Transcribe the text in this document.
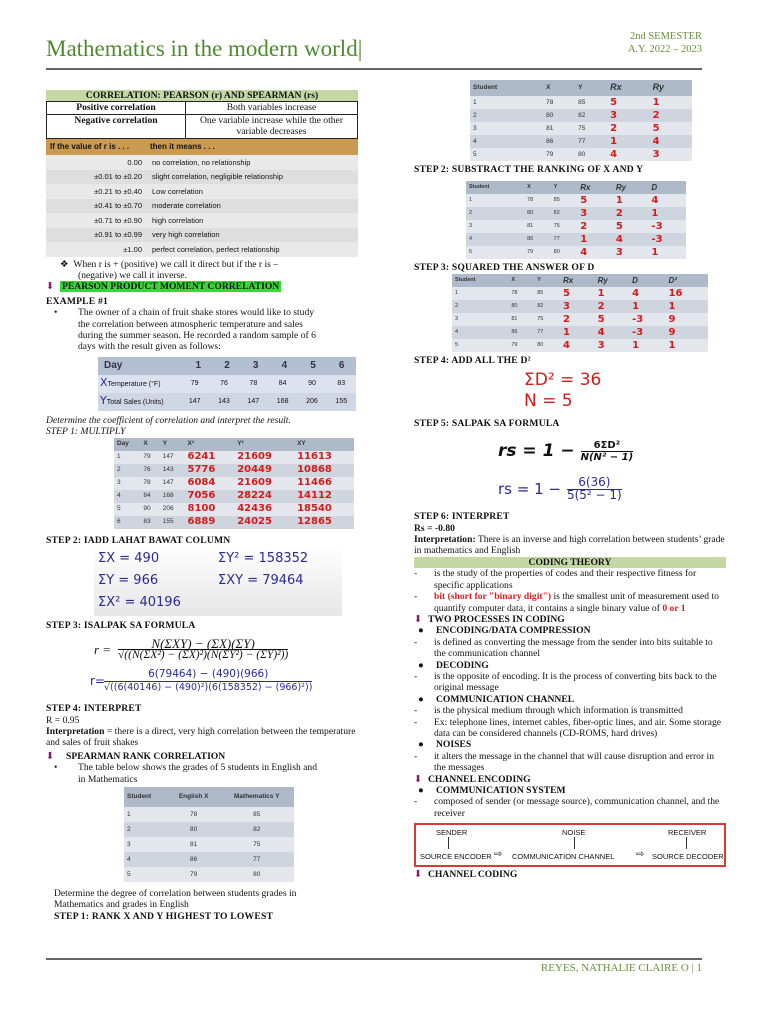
Mathematics in the modern world|	2nd SEMESTER
A.Y. 2022 – 2023
CORRELATION: PEARSON (r) AND SPEARMAN (rs)
Positive correlation	Both variables increase
Negative correlation	One variable increase while the other variable decreases
If the value of r is . . .	then it means . . .
0.00	no correlation, no relationship
±0.01 to ±0.20	slight correlation, negligible relationship
±0.21 to ±0.40	Low correlation
±0.41 to ±0.70	moderate correlation
±0.71 to ±0.90	high correlation
±0.91 to ±0.99	very high correlation
±1.00	perfect correlation, perfect relationship
❖  When r is + (positive) we call it direct but if the r is –
(negative) we call it inverse.
⬇ PEARSON PRODUCT MOMENT CORRELATION
EXAMPLE #1
•	The owner of a chain of fruit shake stores would like to study
the correlation between atmospheric temperature and sales
during the summer season. He recorded a random sample of 6
days with the result given as follows:
Day	1	2	3	4	5	6
XTemperature (°F)	79	76	78	84	90	83
YTotal Sales (Units)	147	143	147	168	206	155
Determine the coefficient of correlation and interpret the result.
STEP 1: MULTIPLY
Day	X	Y	X²	Y²	XY
1	79	147	6241	21609	11613
2	76	143	5776	20449	10868
3	78	147	6084	21609	11466
4	84	168	7056	28224	14112
5	90	206	8100	42436	18540
6	83	155	6889	24025	12865
STEP 2: IADD LAHAT BAWAT COLUMN
ΣX = 490	ΣY² = 158352
ΣY = 966	ΣXY = 79464
ΣX² = 40196
STEP 3: ISALPAK SA FORMULA
r =	N(ΣXY) − (ΣX)(ΣY)
√((N(ΣX²) − (ΣX)²)(N(ΣY²) − (ΣY)²))
$r= \frac{6(79464) - (490)(966)}{\text{√((6(40146) − (490)²)(6(158352) − (966)²))}}$
STEP 4: INTERPRET
R = 0.95
Interpretation = there is a direct, very high correlation between the temperature and sales of fruit shakes
⬇ SPEARMAN RANK CORRELATION
•	The table below shows the grades of 5 students in English and
in Mathematics
Student	English X	Mathematics Y
1	78	85
2	80	82
3	81	75
4	86	77
5	79	80
Determine the degree of correlation between students grades in
Mathematics and grades in English
STEP 1: RANK X AND Y HIGHEST TO LOWEST
Student	X	Y	Rx	Ry
1	78	85	5	1
2	80	82	3	2
3	81	75	2	5
4	86	77	1	4
5	79	80	4	3
STEP 2: SUBSTRACT THE RANKING OF X AND Y
Student	X	Y	Rx	Ry	D
1	78	85	5	1	4
2	80	82	3	2	1
3	81	75	2	5	-3
4	86	77	1	4	-3
5	79	80	4	3	1
STEP 3: SQUARED THE ANSWER OF D
Student	X	Y	Rx	Ry	D	D²
1	78	85	5	1	4	16
2	80	82	3	2	1	1
3	81	75	2	5	-3	9
4	86	77	1	4	-3	9
5	79	80	4	3	1	1
STEP 4: ADD ALL THE D²
ΣD² = 36
N = 5
STEP 5: SALPAK SA FORMULA
rs = $1 - \frac{\text{6ΣD²}}{\text{N(N² − 1)}}$
rs = $1 - \frac{6(36)}{\text{5(5² − 1)}}$
STEP 6: INTERPRET
Rs = -0.80
Interpretation: There is an inverse and high correlation between students’ grade in mathematics and English
CODING THEORY
-	is the study of the properties of codes and their respective fitness for specific applications
-	bit (short for "binary digit") is the smallest unit of measurement used to quantify computer data, it contains a single binary value of 0 or 1
⬇ TWO PROCESSES IN CODING
● ENCODING/DATA COMPRESSION
-	is defined as converting the message from the sender into bits suitable to the communication channel
● DECODING
-	is the opposite of encoding. It is the process of converting bits back to the original message
● COMMUNICATION CHANNEL
-	is the physical medium through which information is transmitted
-	Ex: telephone lines, internet cables, fiber-optic lines, and air. Some storage data can be considered channels (CD-ROMS, hard drives)
● NOISES
-	it alters the message in the channel that will cause disruption and error in the messages
⬇ CHANNEL ENCODING
● COMMUNICATION SYSTEM
-	composed of sender (or message source), communication channel, and the receiver
SENDER	NOISE	RECEIVER
SOURCE ENCODER ⇨ COMMUNICATION CHANNEL ⇨ SOURCE DECODER
⬇ CHANNEL CODING
REYES, NATHALIE CLAIRE O | 1
